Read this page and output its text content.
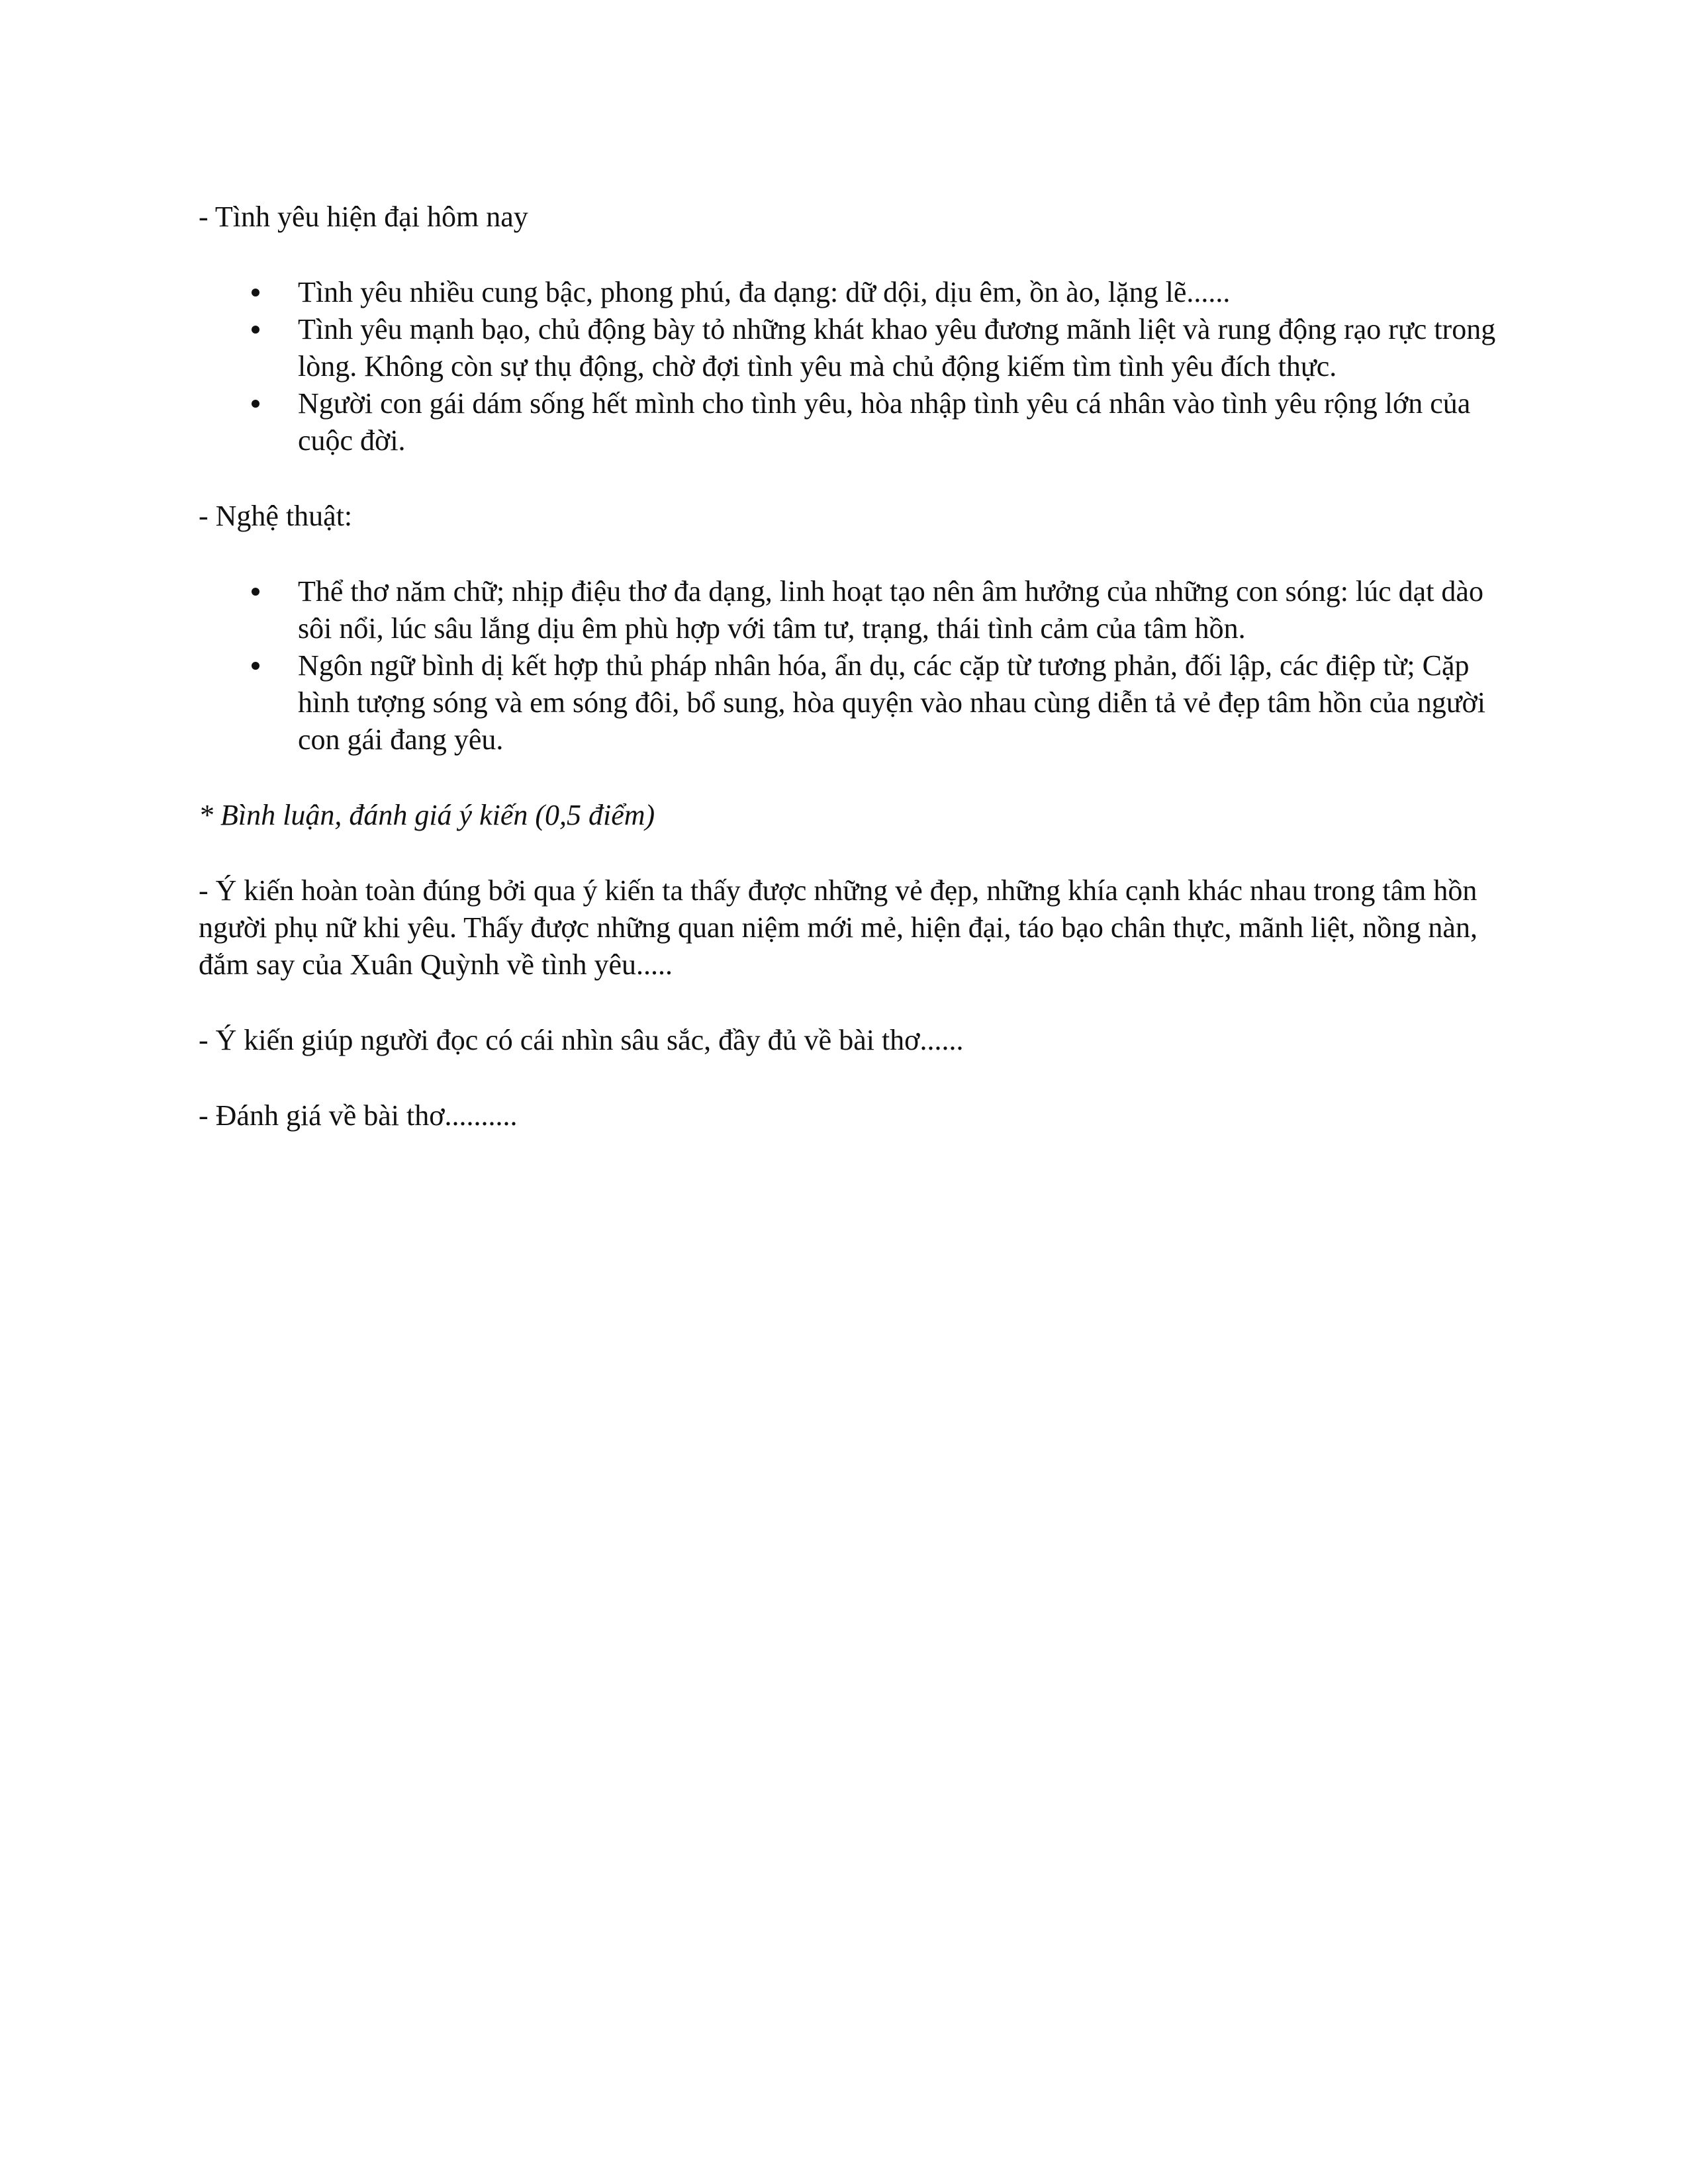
- Tình yêu hiện đại hôm nay

Tình yêu nhiều cung bậc, phong phú, đa dạng: dữ dội, dịu êm, ồn ào, lặng lẽ......
Tình yêu mạnh bạo, chủ động bày tỏ những khát khao yêu đương mãnh liệt và rung động rạo rực trong lòng. Không còn sự thụ động, chờ đợi tình yêu mà chủ động kiếm tìm tình yêu đích thực.
Người con gái dám sống hết mình cho tình yêu, hòa nhập tình yêu cá nhân vào tình yêu rộng lớn của cuộc đời.

- Nghệ thuật:

Thể thơ năm chữ; nhịp điệu thơ đa dạng, linh hoạt tạo nên âm hưởng của những con sóng: lúc dạt dào sôi nổi, lúc sâu lắng dịu êm phù hợp với tâm tư, trạng, thái tình cảm của tâm hồn.
Ngôn ngữ bình dị kết hợp thủ pháp nhân hóa, ẩn dụ, các cặp từ tương phản, đối lập, các điệp từ; Cặp hình tượng sóng và em sóng đôi, bổ sung, hòa quyện vào nhau cùng diễn tả vẻ đẹp tâm hồn của người con gái đang yêu.

* Bình luận, đánh giá ý kiến (0,5 điểm)

- Ý kiến hoàn toàn đúng bởi qua ý kiến ta thấy được những vẻ đẹp, những khía cạnh khác nhau trong tâm hồn người phụ nữ khi yêu. Thấy được những quan niệm mới mẻ, hiện đại, táo bạo chân thực, mãnh liệt, nồng nàn, đắm say của Xuân Quỳnh về tình yêu.....

- Ý kiến giúp người đọc có cái nhìn sâu sắc, đầy đủ về bài thơ......

- Đánh giá về bài thơ..........
